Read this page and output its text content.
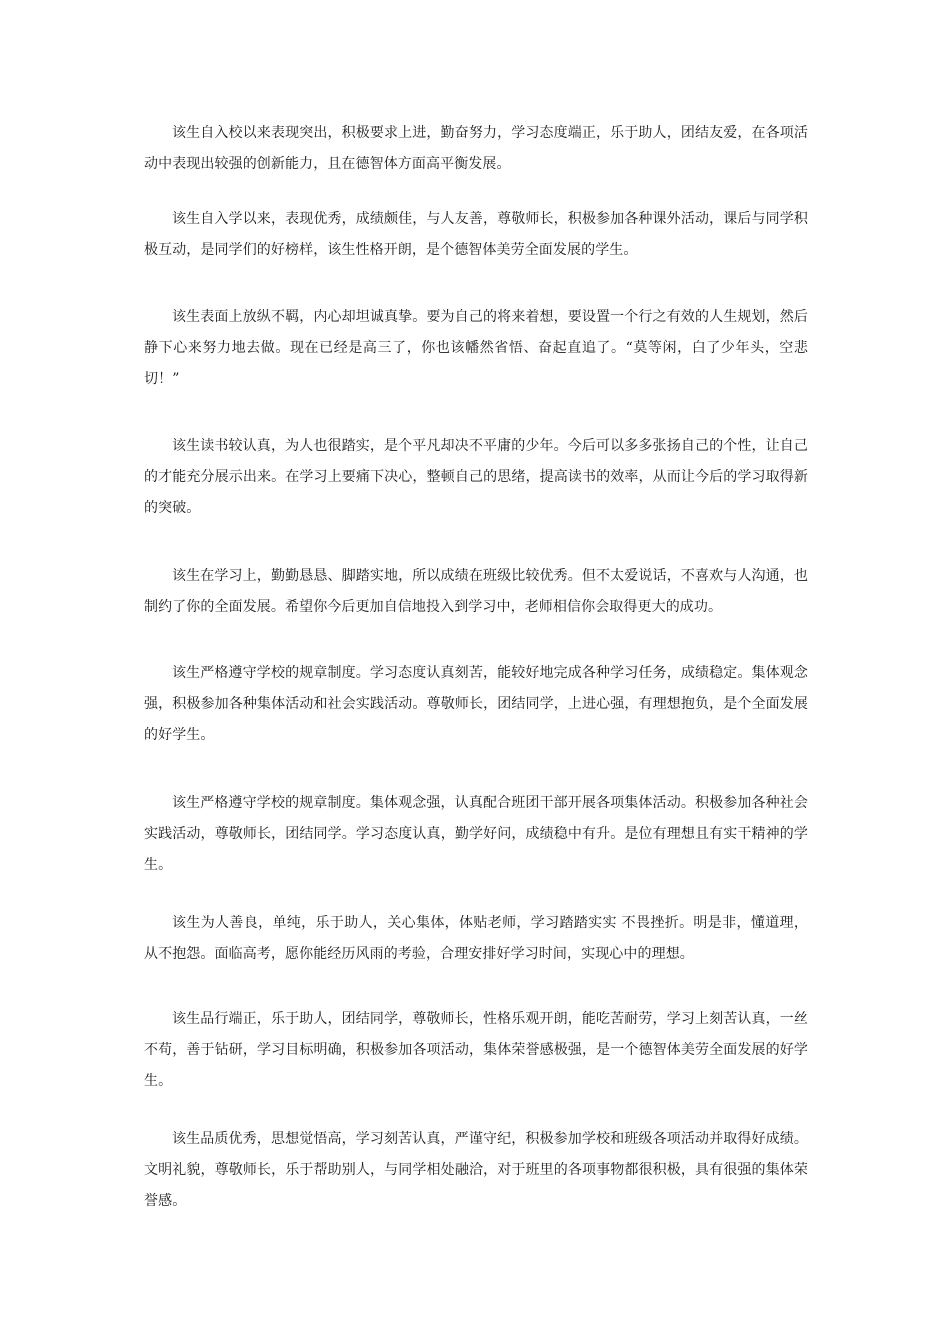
该生自入校以来表现突出，积极要求上进，勤奋努力，学习态度端正，乐于助人，团结友爱，在各项活动中表现出较强的创新能力，且在德智体方面高平衡发展。

该生自入学以来，表现优秀，成绩颇佳，与人友善，尊敬师长，积极参加各种课外活动，课后与同学积极互动，是同学们的好榜样，该生性格开朗，是个德智体美劳全面发展的学生。

该生表面上放纵不羁，内心却坦诚真挚。要为自己的将来着想，要设置一个行之有效的人生规划，然后静下心来努力地去做。现在已经是高三了，你也该幡然省悟、奋起直追了。“莫等闲，白了少年头，空悲切！”

该生读书较认真，为人也很踏实，是个平凡却决不平庸的少年。今后可以多多张扬自己的个性，让自己的才能充分展示出来。在学习上要痛下决心，整顿自己的思绪，提高读书的效率，从而让今后的学习取得新的突破。

该生在学习上，勤勤恳恳、脚踏实地，所以成绩在班级比较优秀。但不太爱说话，不喜欢与人沟通，也制约了你的全面发展。希望你今后更加自信地投入到学习中，老师相信你会取得更大的成功。

该生严格遵守学校的规章制度。学习态度认真刻苦，能较好地完成各种学习任务，成绩稳定。集体观念强，积极参加各种集体活动和社会实践活动。尊敬师长，团结同学，上进心强，有理想抱负，是个全面发展的好学生。

该生严格遵守学校的规章制度。集体观念强，认真配合班团干部开展各项集体活动。积极参加各种社会实践活动，尊敬师长，团结同学。学习态度认真，勤学好问，成绩稳中有升。是位有理想且有实干精神的学生。

该生为人善良，单纯，乐于助人，关心集体，体贴老师，学习踏踏实实 不畏挫折。明是非，懂道理，从不抱怨。面临高考，愿你能经历风雨的考验，合理安排好学习时间，实现心中的理想。

该生品行端正，乐于助人，团结同学，尊敬师长，性格乐观开朗，能吃苦耐劳，学习上刻苦认真，一丝不苟，善于钻研，学习目标明确，积极参加各项活动，集体荣誉感极强，是一个德智体美劳全面发展的好学生。

该生品质优秀，思想觉悟高，学习刻苦认真，严谨守纪，积极参加学校和班级各项活动并取得好成绩。文明礼貌，尊敬师长，乐于帮助别人，与同学相处融洽，对于班里的各项事物都很积极，具有很强的集体荣誉感。
